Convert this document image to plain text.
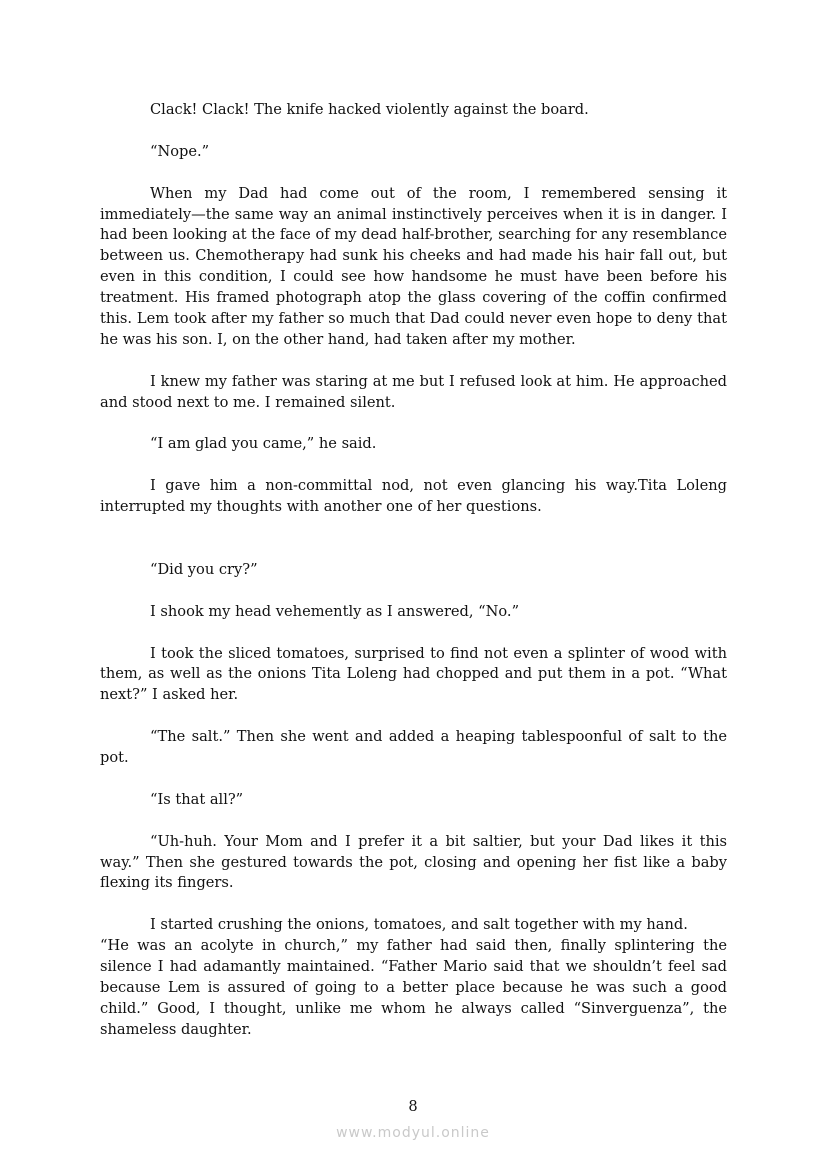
Clack! Clack! The knife hacked violently against the board.

“Nope.”

When my Dad had come out of the room, I remembered sensing it immediately—the same way an animal instinctively perceives when it is in danger. I had been looking at the face of my dead half-brother, searching for any resemblance between us. Chemotherapy had sunk his cheeks and had made his hair fall out, but even in this condition, I could see how handsome he must have been before his treatment. His framed photograph atop the glass covering of the coffin confirmed this. Lem took after my father so much that Dad could never even hope to deny that he was his son. I, on the other hand, had taken after my mother.

I knew my father was staring at me but I refused look at him. He approached and stood next to me. I remained silent.

“I am glad you came,” he said.

I gave him a non-committal nod, not even glancing his way.Tita Loleng interrupted my thoughts with another one of her questions.

“Did you cry?”

I shook my head vehemently as I answered, “No.”

I took the sliced tomatoes, surprised to find not even a splinter of wood with them, as well as the onions Tita Loleng had chopped and put them in a pot. “What next?” I asked her.

“The salt.” Then she went and added a heaping tablespoonful of salt to the pot.

“Is that all?”

“Uh-huh. Your Mom and I prefer it a bit saltier, but your Dad likes it this way.” Then she gestured towards the pot, closing and opening her fist like a baby flexing its fingers.

I started crushing the onions, tomatoes, and salt together with my hand.

“He was an acolyte in church,” my father had said then, finally splintering the silence I had adamantly maintained. “Father Mario said that we shouldn’t feel sad because Lem is assured of going to a better place because he was such a good child.” Good, I thought, unlike me whom he always called “Sinverguenza”, the shameless daughter.

8
www.modyul.online
